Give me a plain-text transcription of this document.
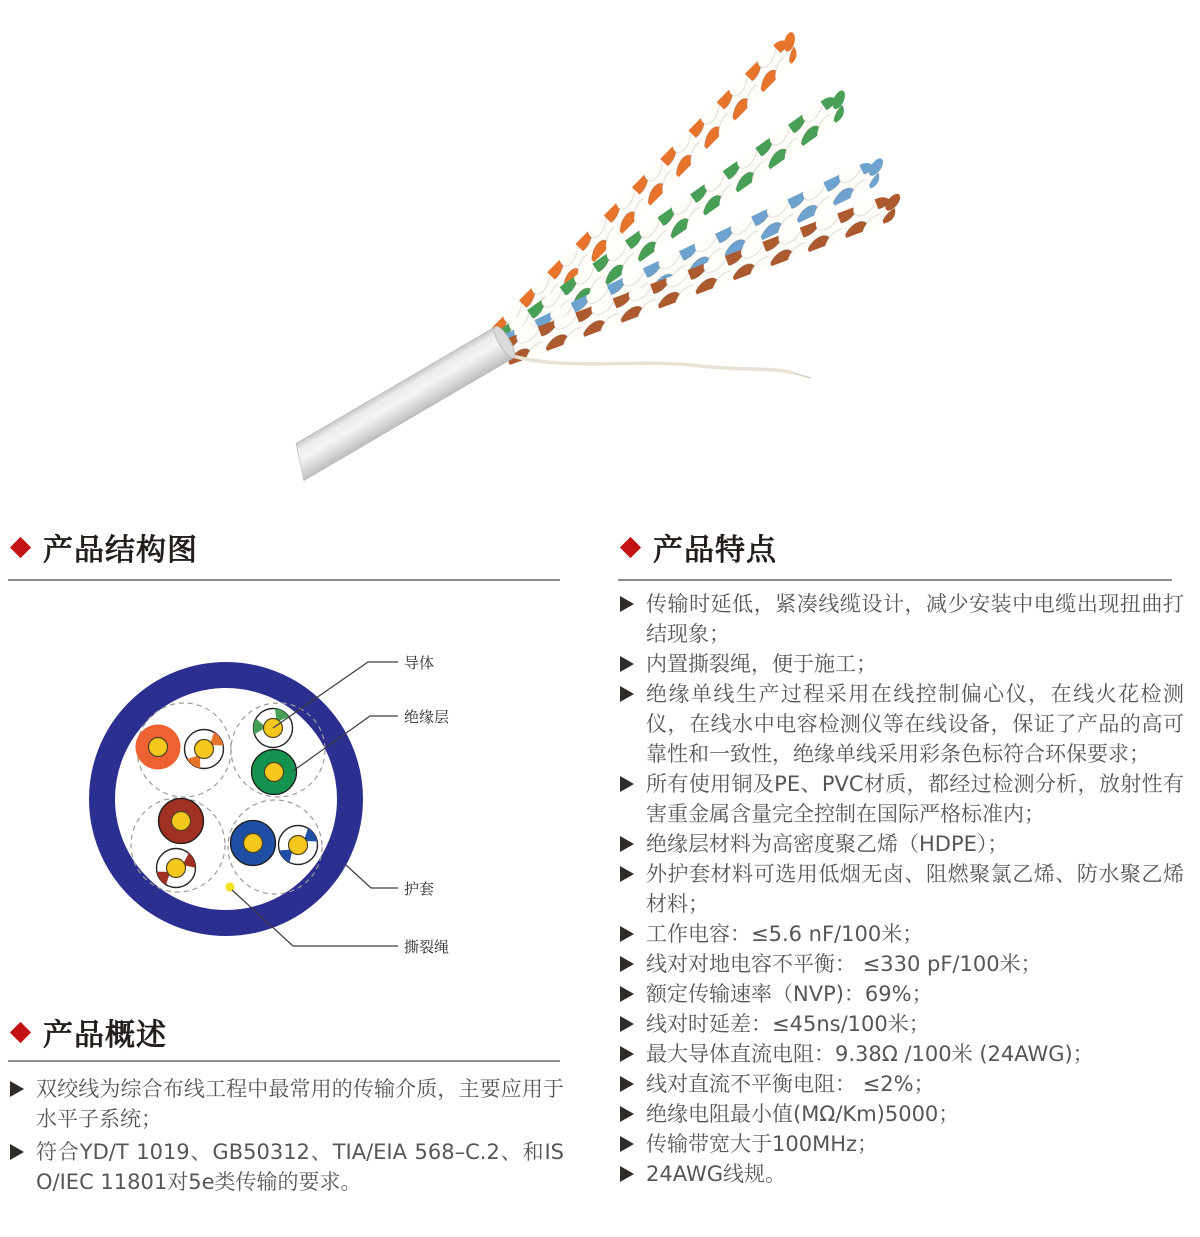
产品结构图
导体
绝缘层
护套
撕裂绳
产品概述
双绞线为综合布线工程中最常用的传输介质，主要应用于水平子系统；
符合YD/T 1019、GB50312、TIA/EIA 568–C.2、和ISO/IEC 11801对5e类传输的要求。
产品特点
传输时延低，紧凑线缆设计，减少安装中电缆出现扭曲打结现象；
内置撕裂绳，便于施工；
绝缘单线生产过程采用在线控制偏心仪，在线火花检测仪，在线水中电容检测仪等在线设备，保证了产品的高可靠性和一致性，绝缘单线采用彩条色标符合环保要求；
所有使用铜及PE、PVC材质，都经过检测分析，放射性有害重金属含量完全控制在国际严格标准内；
绝缘层材料为高密度聚乙烯（HDPE）；
外护套材料可选用低烟无卤、阻燃聚氯乙烯、防水聚乙烯材料；
工作电容：≤5.6 nF/100米；
线对对地电容不平衡： ≤330 pF/100米；
额定传输速率（NVP)：69%；
线对时延差：≤45ns/100米；
最大导体直流电阻：9.38Ω /100米 (24AWG)；
线对直流不平衡电阻： ≤2%；
绝缘电阻最小值(MΩ/Km)5000；
传输带宽大于100MHz；
24AWG线规。
